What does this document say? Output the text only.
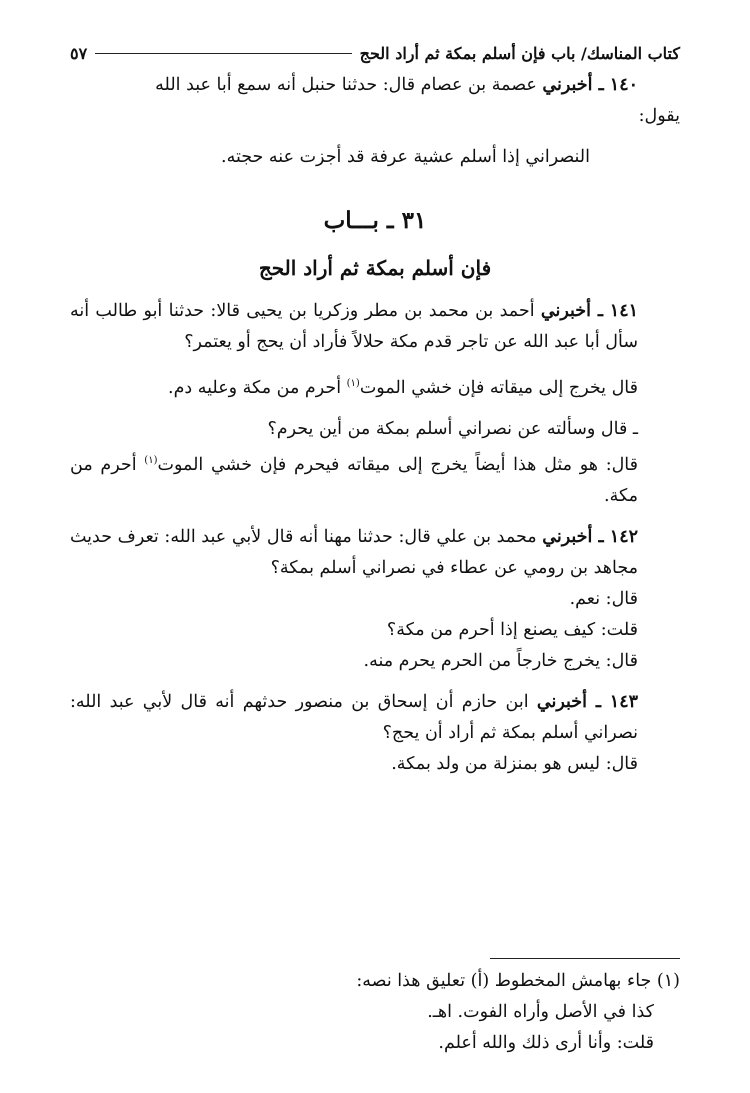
كتاب المناسك/ باب فإن أسلم بمكة ثم أراد الحج
٥٧

١٤٠ ـ أخبرني عصمة بن عصام قال: حدثنا حنبل أنه سمع أبا عبد الله

يقول:

النصراني إذا أسلم عشية عرفة قد أجزت عنه حجته.

٣١ ـ بـــاب
فإن أسلم بمكة ثم أراد الحج

١٤١ ـ أخبرني أحمد بن محمد بن مطر وزكريا بن يحيى قالا: حدثنا أبو طالب أنه سأل أبا عبد الله عن تاجر قدم مكة حلالاً فأراد أن يحج أو يعتمر؟

قال يخرج إلى ميقاته فإن خشي الموت$^{(١)}$ أحرم من مكة وعليه دم.

ـ قال وسألته عن نصراني أسلم بمكة من أين يحرم؟

قال: هو مثل هذا أيضاً يخرج إلى ميقاته فيحرم فإن خشي الموت$^{(١)}$ أحرم من مكة.

١٤٢ ـ أخبرني محمد بن علي قال: حدثنا مهنا أنه قال لأبي عبد الله: تعرف حديث مجاهد بن رومي عن عطاء في نصراني أسلم بمكة؟

قال: نعم.

قلت: كيف يصنع إذا أحرم من مكة؟

قال: يخرج خارجاً من الحرم يحرم منه.

١٤٣ ـ أخبرني ابن حازم أن إسحاق بن منصور حدثهم أنه قال لأبي عبد الله: نصراني أسلم بمكة ثم أراد أن يحج؟

قال: ليس هو بمنزلة من ولد بمكة.

(١) جاء بهامش المخطوط (أ) تعليق هذا نصه:

كذا في الأصل وأراه الفوت. اهـ.

قلت: وأنا أرى ذلك والله أعلم.
